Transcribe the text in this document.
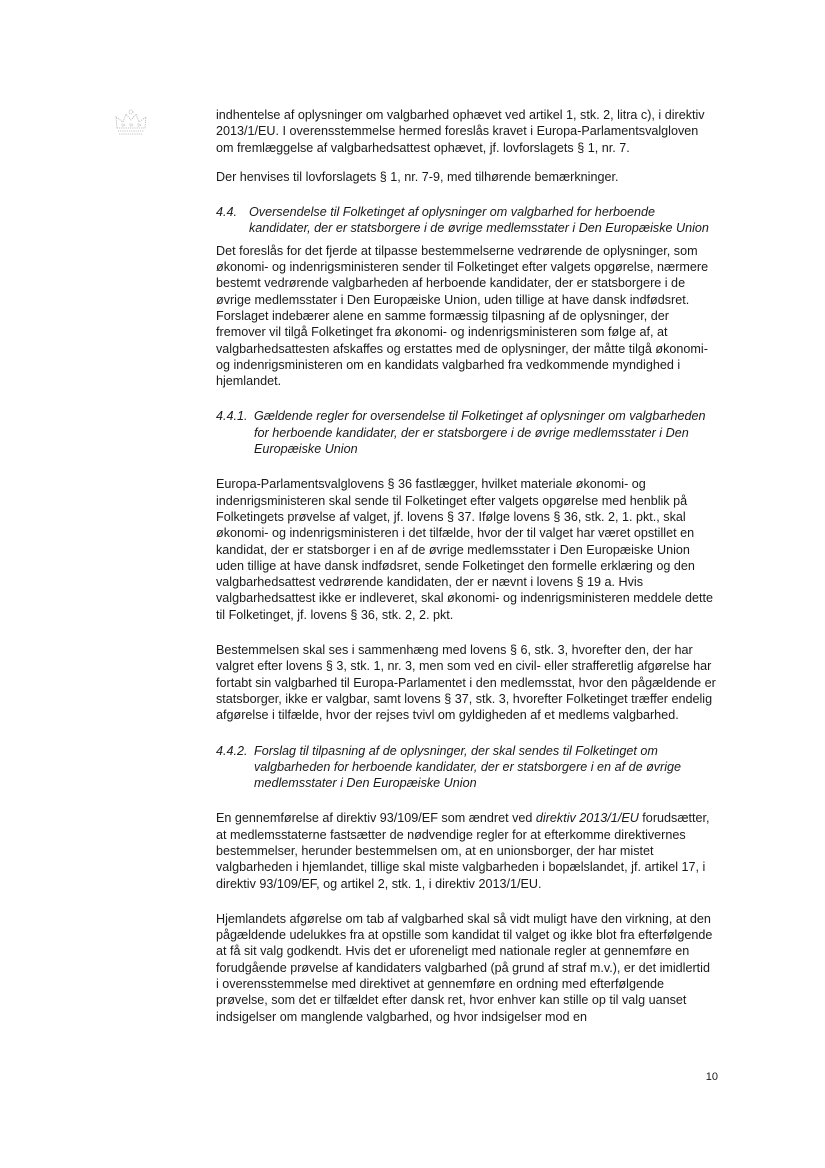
indhentelse af oplysninger om valgbarhed ophævet ved artikel 1, stk. 2, litra c), i direktiv 2013/1/EU. I overensstemmelse hermed foreslås kravet i Europa-Parlamentsvalgloven om fremlæggelse af valgbarhedsattest ophævet, jf. lovforslagets § 1, nr. 7.

Der henvises til lovforslagets § 1, nr. 7-9, med tilhørende bemærkninger.

4.4. Oversendelse til Folketinget af oplysninger om valgbarhed for herboende kandidater, der er statsborgere i de øvrige medlemsstater i Den Europæiske Union

Det foreslås for det fjerde at tilpasse bestemmelserne vedrørende de oplysninger, som økonomi- og indenrigsministeren sender til Folketinget efter valgets opgørelse, nærmere bestemt vedrørende valgbarheden af herboende kandidater, der er statsborgere i de øvrige medlemsstater i Den Europæiske Union, uden tillige at have dansk indfødsret. Forslaget indebærer alene en samme formæssig tilpasning af de oplysninger, der fremover vil tilgå Folketinget fra økonomi- og indenrigsministeren som følge af, at valgbarhedsattesten afskaffes og erstattes med de oplysninger, der måtte tilgå økonomi- og indenrigsministeren om en kandidats valgbarhed fra vedkommende myndighed i hjemlandet.

4.4.1. Gældende regler for oversendelse til Folketinget af oplysninger om valgbarheden for herboende kandidater, der er statsborgere i de øvrige medlemsstater i Den Europæiske Union

Europa-Parlamentsvalglovens § 36 fastlægger, hvilket materiale økonomi- og indenrigsministeren skal sende til Folketinget efter valgets opgørelse med henblik på Folketingets prøvelse af valget, jf. lovens § 37. Ifølge lovens § 36, stk. 2, 1. pkt., skal økonomi- og indenrigsministeren i det tilfælde, hvor der til valget har været opstillet en kandidat, der er statsborger i en af de øvrige medlemsstater i Den Europæiske Union uden tillige at have dansk indfødsret, sende Folketinget den formelle erklæring og den valgbarhedsattest vedrørende kandidaten, der er nævnt i lovens § 19 a. Hvis valgbarhedsattest ikke er indleveret, skal økonomi- og indenrigsministeren meddele dette til Folketinget, jf. lovens § 36, stk. 2, 2. pkt.

Bestemmelsen skal ses i sammenhæng med lovens § 6, stk. 3, hvorefter den, der har valgret efter lovens § 3, stk. 1, nr. 3, men som ved en civil- eller strafferetlig afgørelse har fortabt sin valgbarhed til Europa-Parlamentet i den medlemsstat, hvor den pågældende er statsborger, ikke er valgbar, samt lovens § 37, stk. 3, hvorefter Folketinget træffer endelig afgørelse i tilfælde, hvor der rejses tvivl om gyldigheden af et medlems valgbarhed.

4.4.2. Forslag til tilpasning af de oplysninger, der skal sendes til Folketinget om valgbarheden for herboende kandidater, der er statsborgere i en af de øvrige medlemsstater i Den Europæiske Union

En gennemførelse af direktiv 93/109/EF som ændret ved direktiv 2013/1/EU forudsætter, at medlemsstaterne fastsætter de nødvendige regler for at efterkomme direktivernes bestemmelser, herunder bestemmelsen om, at en unionsborger, der har mistet valgbarheden i hjemlandet, tillige skal miste valgbarheden i bopælslandet, jf. artikel 17, i direktiv 93/109/EF, og artikel 2, stk. 1, i direktiv 2013/1/EU.

Hjemlandets afgørelse om tab af valgbarhed skal så vidt muligt have den virkning, at den pågældende udelukkes fra at opstille som kandidat til valget og ikke blot fra efterfølgende at få sit valg godkendt. Hvis det er uforeneligt med nationale regler at gennemføre en forudgående prøvelse af kandidaters valgbarhed (på grund af straf m.v.), er det imidlertid i overensstemmelse med direktivet at gennemføre en ordning med efterfølgende prøvelse, som det er tilfældet efter dansk ret, hvor enhver kan stille op til valg uanset indsigelser om manglende valgbarhed, og hvor indsigelser mod en

10
